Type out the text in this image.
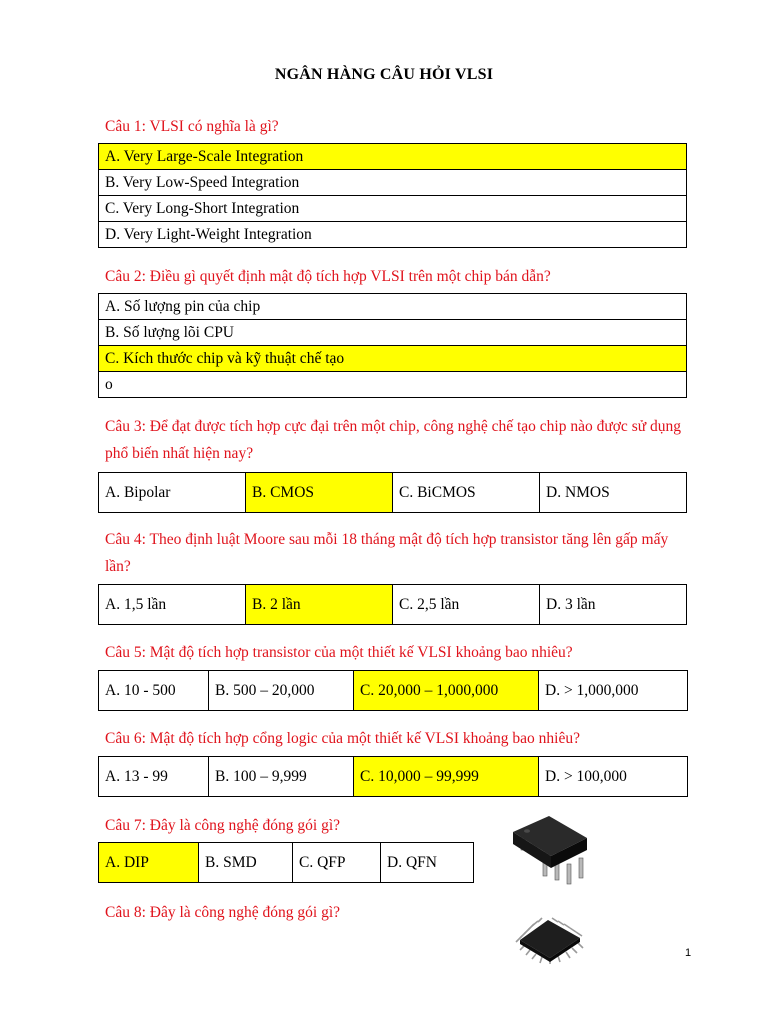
NGÂN HÀNG CÂU HỎI VLSI
Câu 1: VLSI có nghĩa là gì?
A. Very Large-Scale Integration
B. Very Low-Speed Integration
C. Very Long-Short Integration
D. Very Light-Weight Integration
Câu 2: Điều gì quyết định mật độ tích hợp VLSI trên một chip bán dẫn?
A. Số lượng pin của chip
B. Số lượng lõi CPU
C. Kích thước chip và kỹ thuật chế tạo
o
Câu 3: Để đạt được tích hợp cực đại trên một chip, công nghệ chế tạo chip nào được sử dụng phổ biến nhất hiện nay?
A. Bipolar	B. CMOS	C. BiCMOS	D. NMOS
Câu 4: Theo định luật Moore sau mỗi 18 tháng mật độ tích hợp transistor tăng lên gấp mấy lần?
A. 1,5 lần	B. 2 lần	C. 2,5 lần	D. 3 lần
Câu 5: Mật độ tích hợp transistor của một thiết kế VLSI khoảng bao nhiêu?
A. 10 - 500	B. 500 – 20,000	C. 20,000 – 1,000,000	D. > 1,000,000
Câu 6: Mật độ tích hợp cổng logic của một thiết kế VLSI khoảng bao nhiêu?
A. 13 - 99	B. 100 – 9,999	C. 10,000 – 99,999	D. > 100,000
Câu 7: Đây là công nghệ đóng gói gì?
A. DIP	B. SMD	C. QFP	D. QFN
Câu 8: Đây là công nghệ đóng gói gì?
1
